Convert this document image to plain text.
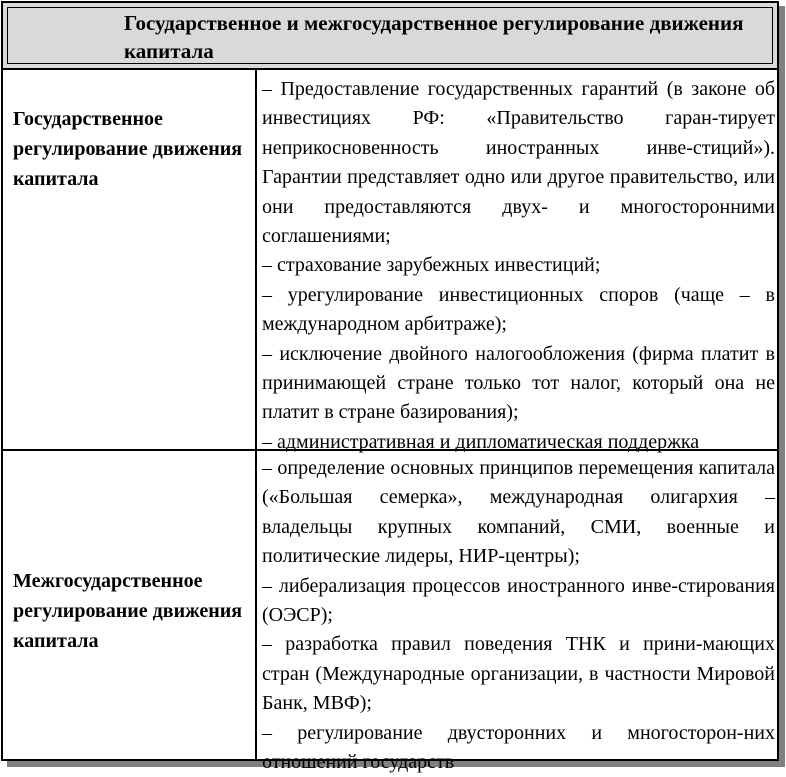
Государственное и межгосударственное регулирование движения капитала
Государственное регулирование движения капитала
– Предоставление государственных гарантий (в законе об инвестициях РФ: «Правительство гаран-тирует неприкосновенность иностранных инве-стиций»). Гарантии представляет одно или другое правительство, или они предоставляются двух- и многосторонними соглашениями;
– страхование зарубежных инвестиций;
– урегулирование инвестиционных споров (чаще – в международном арбитраже);
– исключение двойного налогообложения (фирма платит в принимающей стране только тот налог, который она не платит в стране базирования);
– административная и дипломатическая поддержка
Межгосударственное регулирование движения капитала
– определение основных принципов перемещения капитала («Большая семерка», международная олигархия – владельцы крупных компаний, СМИ, военные и политические лидеры, НИР-центры);
– либерализация процессов иностранного инве-стирования (ОЭСР);
– разработка правил поведения ТНК и прини-мающих стран (Международные организации, в частности Мировой Банк, МВФ);
– регулирование двусторонних и многосторон-них отношений государств
